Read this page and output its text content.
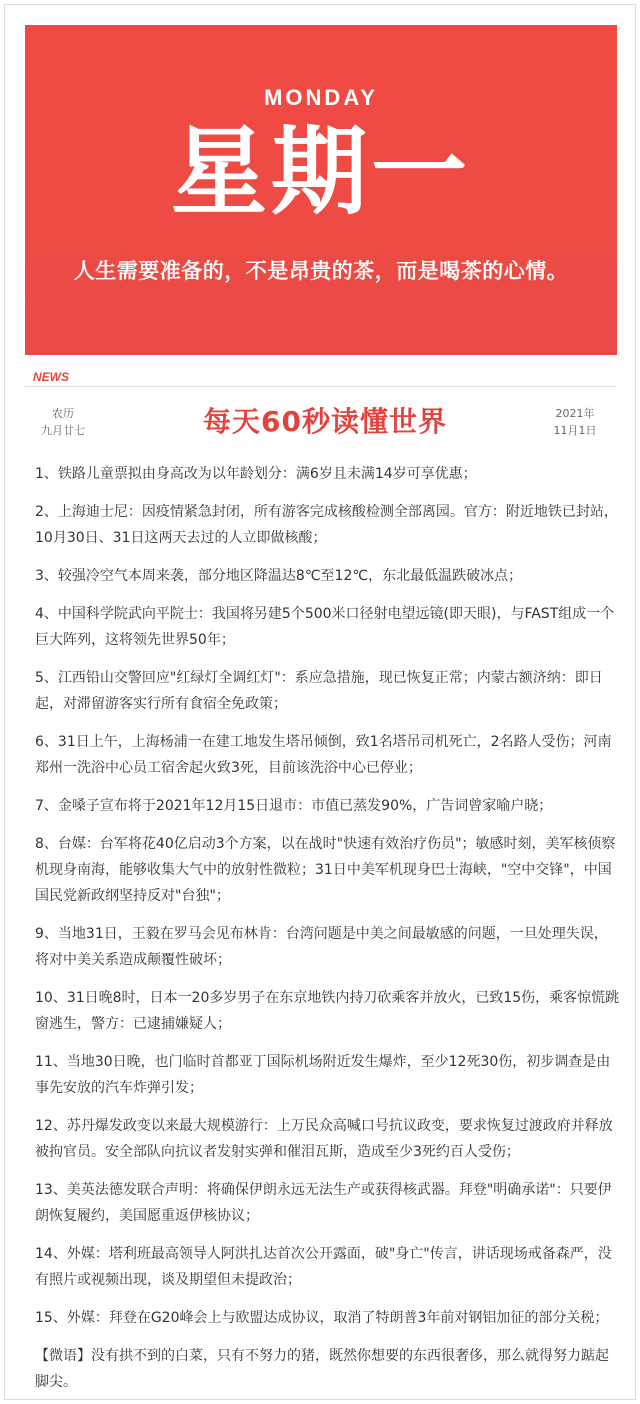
MONDAY
星期一
人生需要准备的，不是昂贵的茶，而是喝茶的心情。
NEWS
农历
九月廿七	每天60秒读懂世界	2021年
11月1日

1、铁路儿童票拟由身高改为以年龄划分：满6岁且未满14岁可享优惠；

2、上海迪士尼：因疫情紧急封闭，所有游客完成核酸检测全部离园。官方：附近地铁已封站，10月30日、31日这两天去过的人立即做核酸；

3、较强冷空气本周来袭，部分地区降温达8℃至12℃，东北最低温跌破冰点；

4、中国科学院武向平院士：我国将另建5个500米口径射电望远镜(即天眼)，与FAST组成一个巨大阵列，这将领先世界50年；

5、江西铅山交警回应"红绿灯全调红灯"：系应急措施，现已恢复正常；内蒙古额济纳：即日起，对滞留游客实行所有食宿全免政策；

6、31日上午，上海杨浦一在建工地发生塔吊倾倒，致1名塔吊司机死亡，2名路人受伤；河南郑州一洗浴中心员工宿舍起火致3死，目前该洗浴中心已停业；

7、金嗓子宣布将于2021年12月15日退市：市值已蒸发90%，广告词曾家喻户晓；

8、台媒：台军将花40亿启动3个方案，以在战时"快速有效治疗伤员"；敏感时刻，美军核侦察机现身南海，能够收集大气中的放射性微粒；31日中美军机现身巴士海峡，"空中交锋"，中国国民党新政纲坚持反对"台独"；

9、当地31日，王毅在罗马会见布林肯：台湾问题是中美之间最敏感的问题，一旦处理失误，将对中美关系造成颠覆性破坏；

10、31日晚8时，日本一20多岁男子在东京地铁内持刀砍乘客并放火，已致15伤，乘客惊慌跳窗逃生，警方：已逮捕嫌疑人；

11、当地30日晚，也门临时首都亚丁国际机场附近发生爆炸，至少12死30伤，初步调查是由事先安放的汽车炸弹引发；

12、苏丹爆发政变以来最大规模游行：上万民众高喊口号抗议政变，要求恢复过渡政府并释放被拘官员。安全部队向抗议者发射实弹和催泪瓦斯，造成至少3死约百人受伤；

13、美英法德发联合声明：将确保伊朗永远无法生产或获得核武器。拜登"明确承诺"：只要伊朗恢复履约，美国愿重返伊核协议；

14、外媒：塔利班最高领导人阿洪扎达首次公开露面，破"身亡"传言，讲话现场戒备森严，没有照片或视频出现，谈及期望但未提政治；

15、外媒：拜登在G20峰会上与欧盟达成协议，取消了特朗普3年前对钢铝加征的部分关税；

【微语】没有拱不到的白菜，只有不努力的猪，既然你想要的东西很奢侈，那么就得努力踮起脚尖。
